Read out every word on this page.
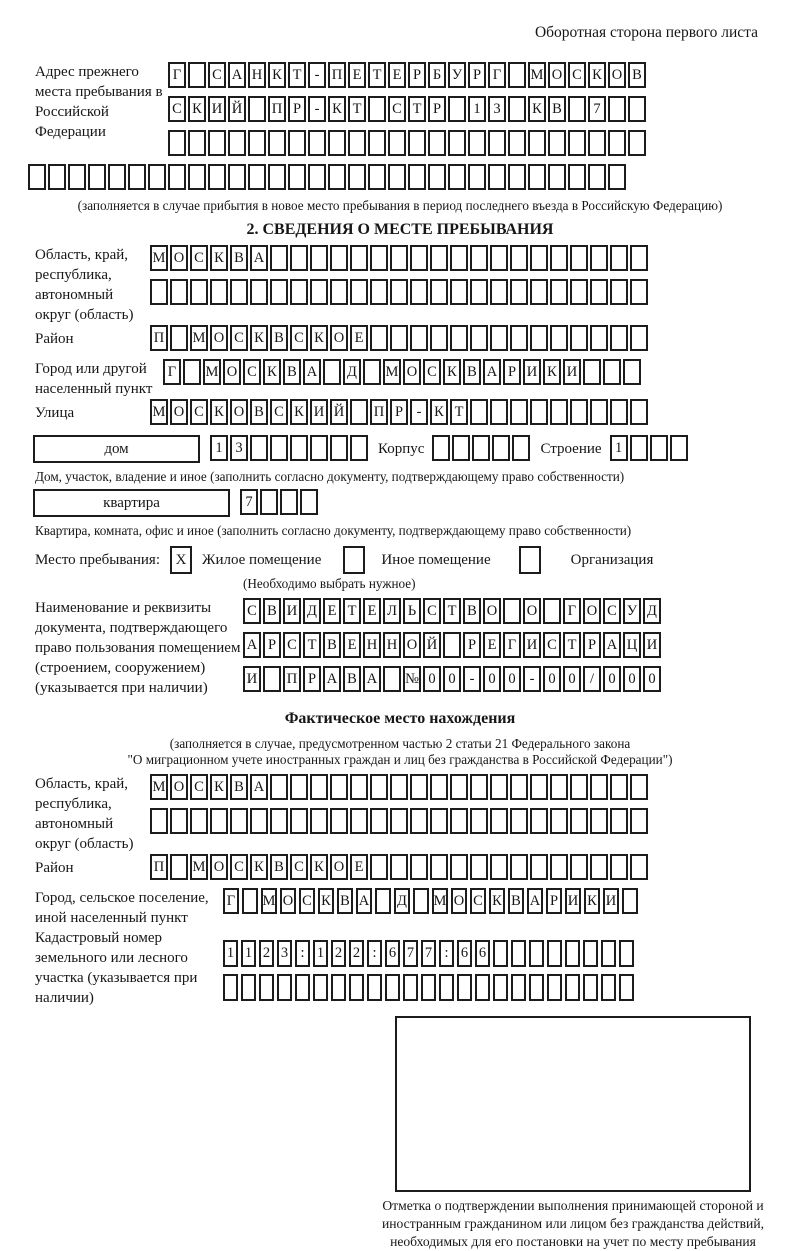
Оборотная сторона первого листа
Адрес прежнего места пребывания в Российской Федерации
Г С А Н К Т - П Е Т Е Р Б У Р Г М О С К О В
С К И Й П Р - К Т С Т Р 1 3 К В 7
(заполняется в случае прибытия в новое место пребывания в период последнего въезда в Российскую Федерацию)
2. СВЕДЕНИЯ О МЕСТЕ ПРЕБЫВАНИЯ
Область, край, республика, автономный округ (область)
М О С К В А
Район	П М О С К В С К О Е
Город или другой населенный пункт
Г М О С К В А Д М О С К В А Р И К И
Улица	М О С К О В С К И Й П Р - К Т
дом	1 3	Корпус	Строение 1
Дом, участок, владение и иное (заполнить согласно документу, подтверждающему право собственности)
квартира	7
Квартира, комната, офис и иное (заполнить согласно документу, подтверждающему право собственности)
Место пребывания:	X	Жилое помещение	Иное помещение	Организация
(Необходимо выбрать нужное)
Наименование и реквизиты документа, подтверждающего право пользования помещением (строением, сооружением) (указывается при наличии)
С В И Д Е Т Е Л Ь С Т В О О Г О С У Д
А Р С Т В Е Н Н О Й Р Е Г И С Т Р А Ц И
И П Р А В А № 0 0 - 0 0 - 0 0 / 0 0 0
Фактическое место нахождения
(заполняется в случае, предусмотренном частью 2 статьи 21 Федерального закона
"О миграционном учете иностранных граждан и лиц без гражданства в Российской Федерации")
Область, край, республика, автономный округ (область)
М О С К В А
Район	П М О С К В С К О Е
Город, сельское поселение, иной населенный пункт
Г М О С К В А Д М О С К В А Р И К И
Кадастровый номер земельного или лесного участка (указывается при наличии)
1 1 2 3 : 1 2 2 : 6 7 7 : 6 6
Отметка о подтверждении выполнения принимающей стороной и иностранным гражданином или лицом без гражданства действий, необходимых для его постановки на учет по месту пребывания
